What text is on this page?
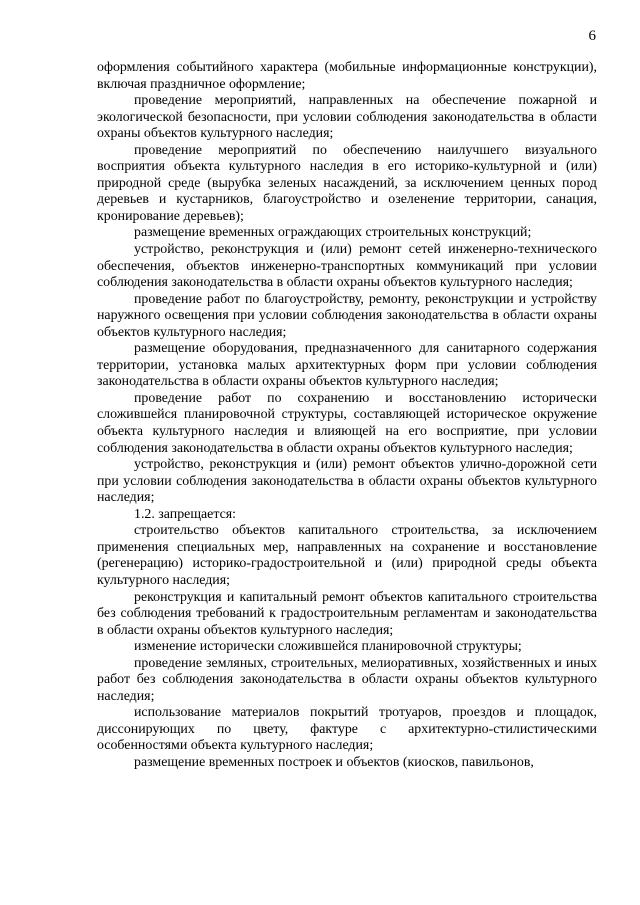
6

оформления событийного характера (мобильные информационные конструкции), включая праздничное оформление;

проведение мероприятий, направленных на обеспечение пожарной и экологической безопасности, при условии соблюдения законодательства в области охраны объектов культурного наследия;

проведение мероприятий по обеспечению наилучшего визуального восприятия объекта культурного наследия в его историко-культурной и (или) природной среде (вырубка зеленых насаждений, за исключением ценных пород деревьев и кустарников, благоустройство и озеленение территории, санация, кронирование деревьев);

размещение временных ограждающих строительных конструкций;

устройство, реконструкция и (или) ремонт сетей инженерно-технического обеспечения, объектов инженерно-транспортных коммуникаций при условии соблюдения законодательства в области охраны объектов культурного наследия;

проведение работ по благоустройству, ремонту, реконструкции и устройству наружного освещения при условии соблюдения законодательства в области охраны объектов культурного наследия;

размещение оборудования, предназначенного для санитарного содержания территории, установка малых архитектурных форм при условии соблюдения законодательства в области охраны объектов культурного наследия;

проведение работ по сохранению и восстановлению исторически сложившейся планировочной структуры, составляющей историческое окружение объекта культурного наследия и влияющей на его восприятие, при условии соблюдения законодательства в области охраны объектов культурного наследия;

устройство, реконструкция и (или) ремонт объектов улично-дорожной сети при условии соблюдения законодательства в области охраны объектов культурного наследия;

1.2. запрещается:

строительство объектов капитального строительства, за исключением применения специальных мер, направленных на сохранение и восстановление (регенерацию) историко-градостроительной и (или) природной среды объекта культурного наследия;

реконструкция и капитальный ремонт объектов капитального строительства без соблюдения требований к градостроительным регламентам и законодательства в области охраны объектов культурного наследия;

изменение исторически сложившейся планировочной структуры;

проведение земляных, строительных, мелиоративных, хозяйственных и иных работ без соблюдения законодательства в области охраны объектов культурного наследия;

использование материалов покрытий тротуаров, проездов и площадок, диссонирующих по цвету, фактуре с архитектурно-стилистическими особенностями объекта культурного наследия;

размещение временных построек и объектов (киосков, павильонов,
